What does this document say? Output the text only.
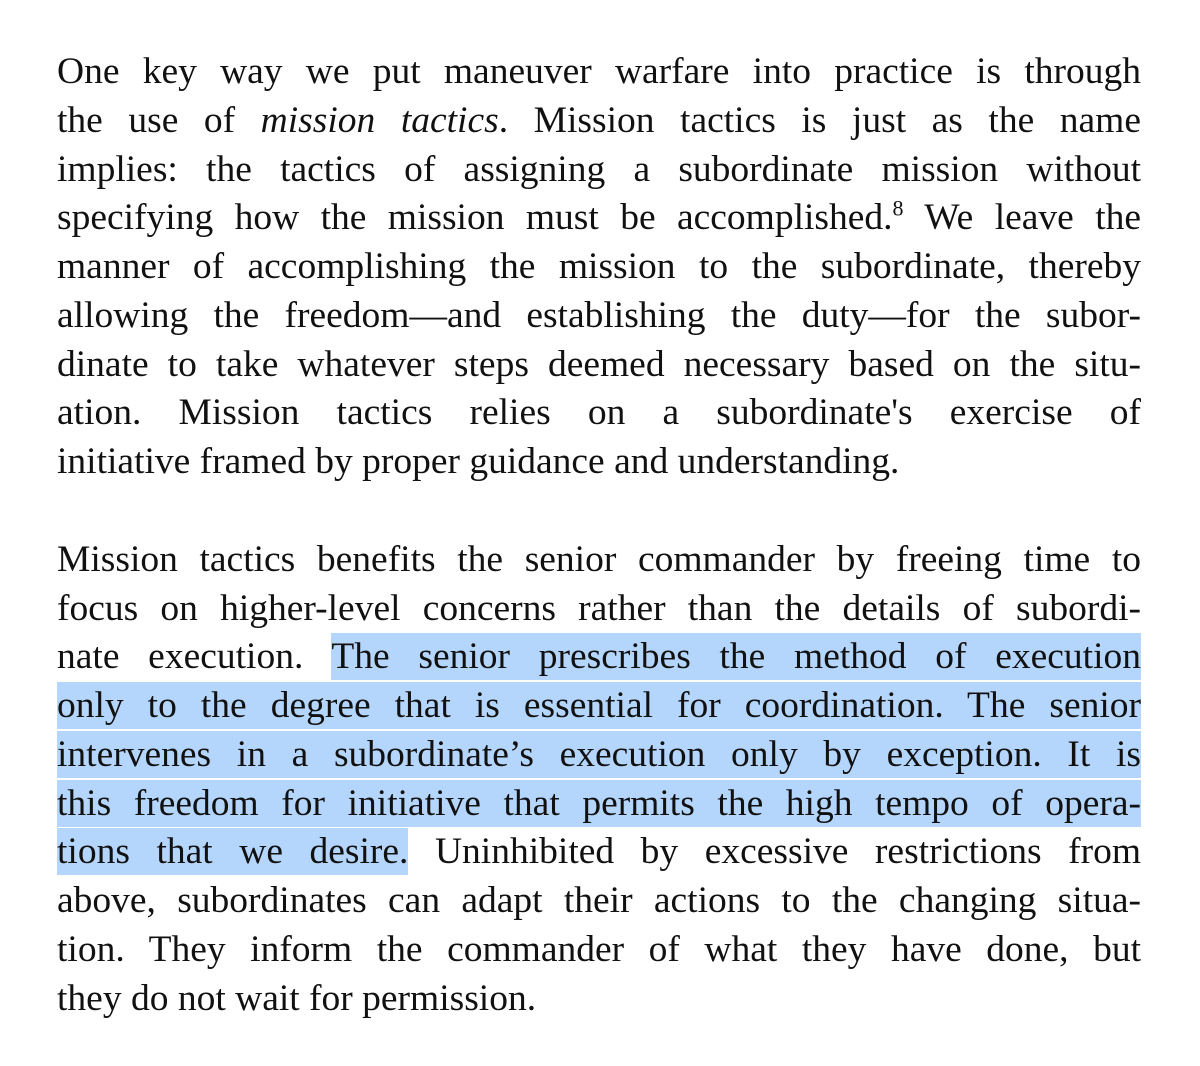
One key way we put maneuver warfare into practice is through
the use of mission tactics. Mission tactics is just as the name
implies: the tactics of assigning a subordinate mission without
specifying how the mission must be accomplished.$^8$ We leave the
manner of accomplishing the mission to the subordinate, thereby
allowing the freedom—and establishing the duty—for the subor-
dinate to take whatever steps deemed necessary based on the situ-
ation. Mission tactics relies on a subordinate's exercise of
initiative framed by proper guidance and understanding.
Mission tactics benefits the senior commander by freeing time to
focus on higher-level concerns rather than the details of subordi-
nate execution. The senior prescribes the method of execution
only to the degree that is essential for coordination. The senior
intervenes in a subordinate’s execution only by exception. It is
this freedom for initiative that permits the high tempo of opera-
tions that we desire. Uninhibited by excessive restrictions from
above, subordinates can adapt their actions to the changing situa-
tion. They inform the commander of what they have done, but
they do not wait for permission.
